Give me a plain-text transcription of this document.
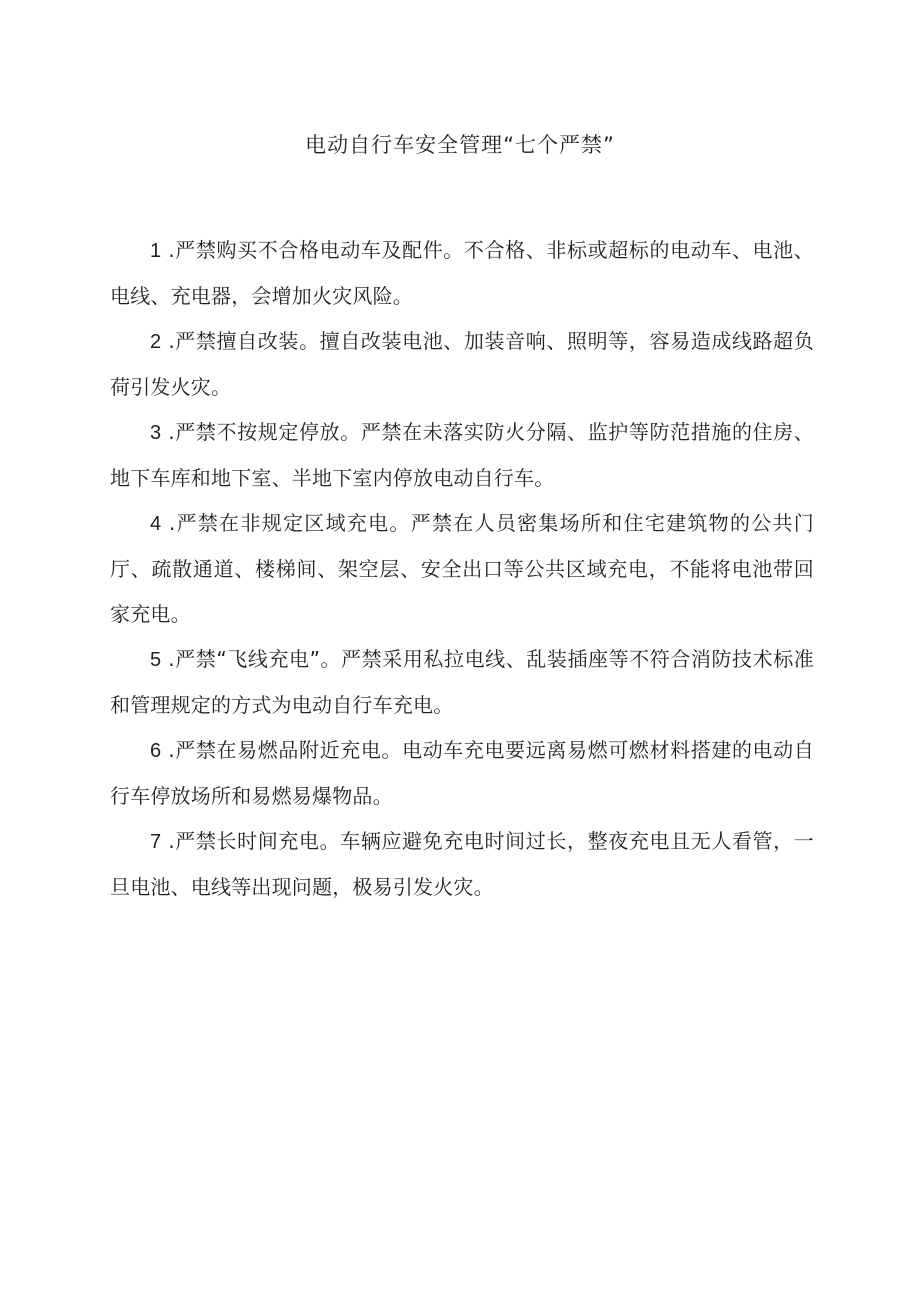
电动自行车安全管理“七个严禁”

1 .严禁购买不合格电动车及配件。不合格、非标或超标的电动车、电池、电线、充电器，会增加火灾风险。

2 .严禁擅自改装。擅自改装电池、加装音响、照明等，容易造成线路超负荷引发火灾。

3 .严禁不按规定停放。严禁在未落实防火分隔、监护等防范措施的住房、地下车库和地下室、半地下室内停放电动自行车。

4 .严禁在非规定区域充电。严禁在人员密集场所和住宅建筑物的公共门厅、疏散通道、楼梯间、架空层、安全出口等公共区域充电，不能将电池带回家充电。

5 .严禁“飞线充电”。严禁采用私拉电线、乱装插座等不符合消防技术标准和管理规定的方式为电动自行车充电。

6 .严禁在易燃品附近充电。电动车充电要远离易燃可燃材料搭建的电动自行车停放场所和易燃易爆物品。

7 .严禁长时间充电。车辆应避免充电时间过长，整夜充电且无人看管，一旦电池、电线等出现问题，极易引发火灾。
